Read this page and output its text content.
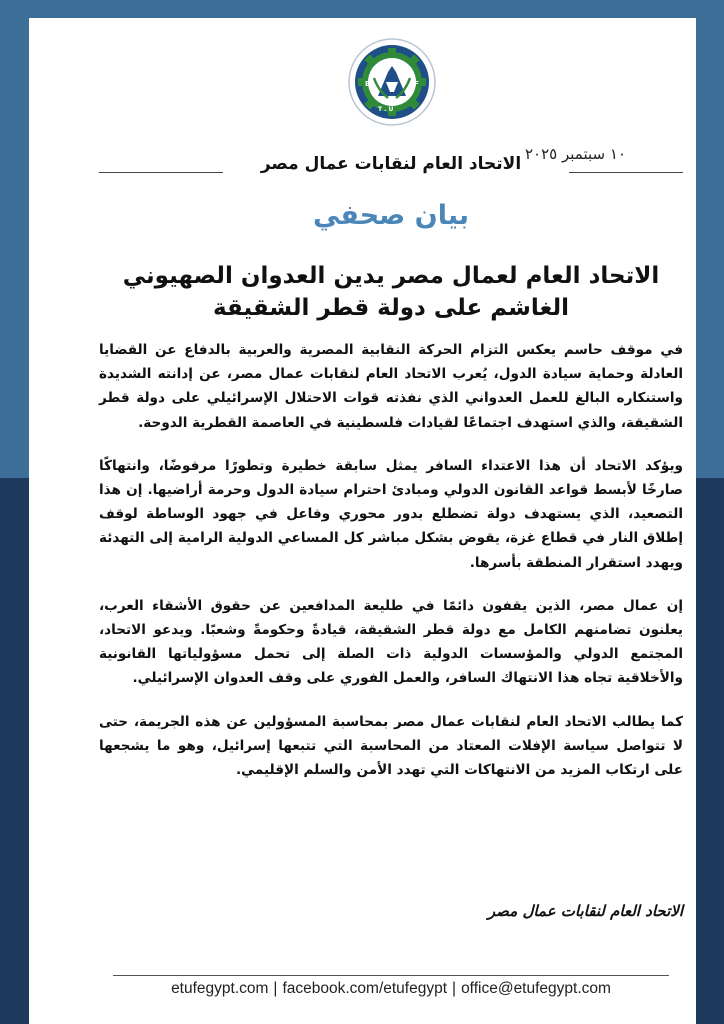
E	F
T . U
١٠ سبتمبر ٢٠٢٥
الاتحاد العام لنقابات عمال مصر
بيان صحفي
الاتحاد العام لعمال مصر يدين العدوان الصهيوني الغاشم على دولة قطر الشقيقة

في موقف حاسم يعكس التزام الحركة النقابية المصرية والعربية بالدفاع عن القضايا العادلة وحماية سيادة الدول، يُعرب الاتحاد العام لنقابات عمال مصر، عن إدانته الشديدة واستنكاره البالغ للعمل العدواني الذي نفذته قوات الاحتلال الإسرائيلي على دولة قطر الشقيقة، والذي استهدف اجتماعًا لقيادات فلسطينية في العاصمة القطرية الدوحة.

ويؤكد الاتحاد أن هذا الاعتداء السافر يمثل سابقة خطيرة وتطورًا مرفوضًا، وانتهاكًا صارخًا لأبسط قواعد القانون الدولي ومبادئ احترام سيادة الدول وحرمة أراضيها. إن هذا التصعيد، الذي يستهدف دولة تضطلع بدور محوري وفاعل في جهود الوساطة لوقف إطلاق النار في قطاع غزة، يقوض بشكل مباشر كل المساعي الدولية الرامية إلى التهدئة ويهدد استقرار المنطقة بأسرها.

إن عمال مصر، الذين يقفون دائمًا في طليعة المدافعين عن حقوق الأشقاء العرب، يعلنون تضامنهم الكامل مع دولة قطر الشقيقة، قيادةً وحكومةً وشعبًا. ويدعو الاتحاد، المجتمع الدولي والمؤسسات الدولية ذات الصلة إلى تحمل مسؤولياتها القانونية والأخلاقية تجاه هذا الانتهاك السافر، والعمل الفوري على وقف العدوان الإسرائيلي.

كما يطالب الاتحاد العام لنقابات عمال مصر بمحاسبة المسؤولين عن هذه الجريمة، حتى لا تتواصل سياسة الإفلات المعتاد من المحاسبة التي تتبعها إسرائيل، وهو ما يشجعها على ارتكاب المزيد من الانتهاكات التي تهدد الأمن والسلم الإقليمي.

الاتحاد العام لنقابات عمال مصر
etufegypt.com | facebook.com/etufegypt | office@etufegypt.com
